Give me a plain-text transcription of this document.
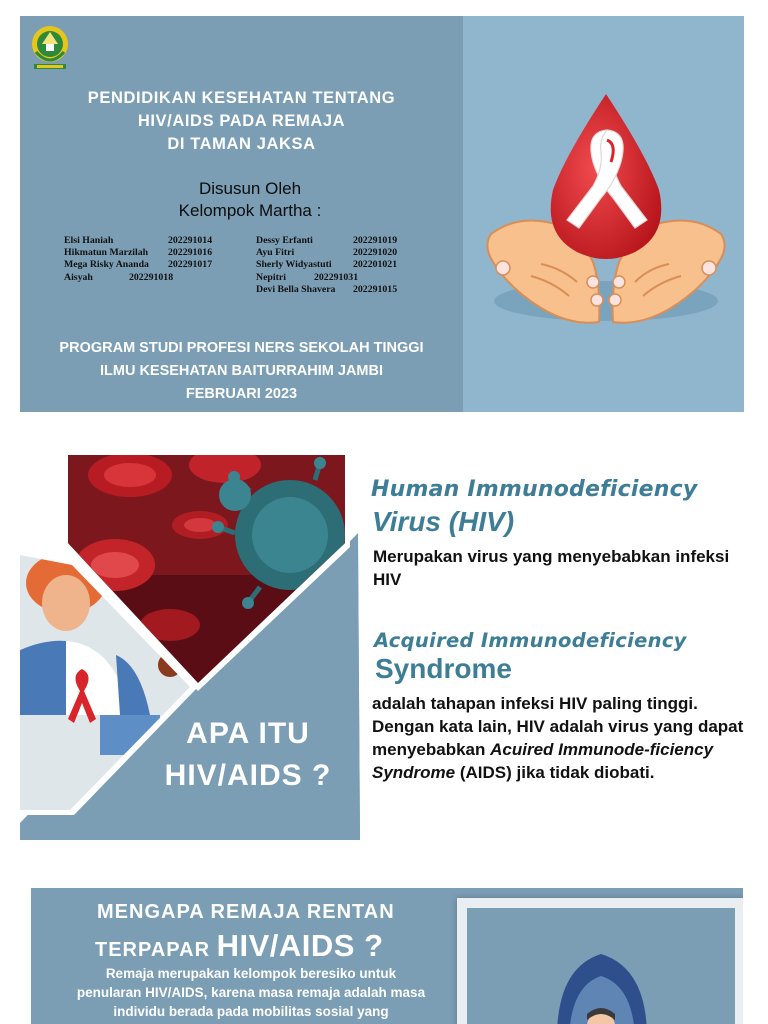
PENDIDIKAN KESEHATAN TENTANG
HIV/AIDS PADA REMAJA
DI TAMAN JAKSA
Disusun Oleh
Kelompok Martha :
Elsi Haniah	202291014
Hikmatun Marzilah 202291016
Mega Risky Ananda 202291017
Aisyah	202291018
Dessy Erfanti	202291019
Ayu Fitri	202291020
Sherly Widyastuti 202201021
Nepitri	202291031
Devi Bella Shavera 202291015
PROGRAM STUDI PROFESI NERS SEKOLAH TINGGI
ILMU KESEHATAN BAITURRAHIM JAMBI
FEBRUARI 2023
APA ITU
HIV/AIDS ?
Human Immunodeficiency
Virus (HIV)
Merupakan virus yang menyebabkan infeksi HIV
Acquired Immunodeficiency
Syndrome
adalah tahapan infeksi HIV paling tinggi. Dengan kata lain, HIV adalah virus yang dapat menyebabkan Acuired Immunode-ficiency Syndrome (AIDS) jika tidak diobati.
MENGAPA REMAJA RENTAN
TERPAPAR HIV/AIDS ?
Remaja merupakan kelompok beresiko untuk penularan HIV/AIDS, karena masa remaja adalah masa individu berada pada mobilitas sosial yang
